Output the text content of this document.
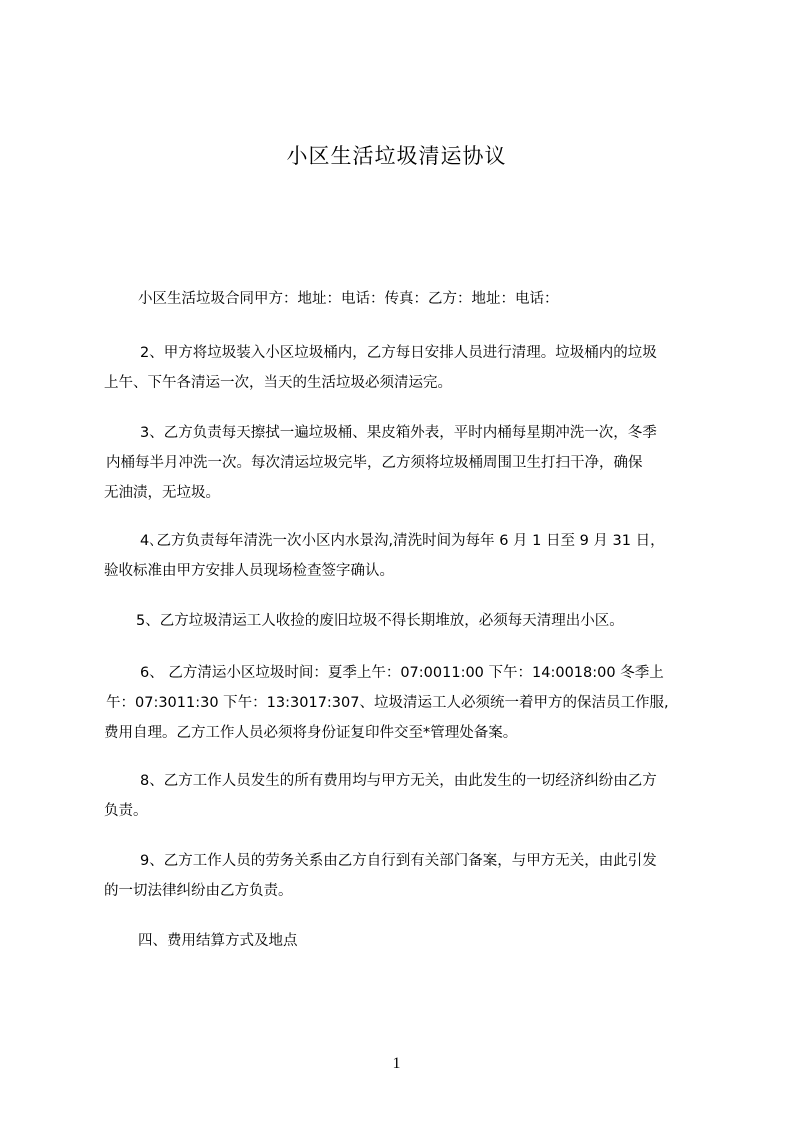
小区生活垃圾清运协议
小区生活垃圾合同甲方：地址：电话：传真：乙方：地址：电话：
2、甲方将垃圾装入小区垃圾桶内，乙方每日安排人员进行清理。垃圾桶内的垃圾
上午、下午各清运一次，当天的生活垃圾必须清运完。
3、乙方负责每天擦拭一遍垃圾桶、果皮箱外表，平时内桶每星期冲洗一次，冬季
内桶每半月冲洗一次。每次清运垃圾完毕，乙方须将垃圾桶周围卫生打扫干净，确保
无油渍，无垃圾。
4､乙方负责每年清洗一次小区内水景沟,清洗时间为每年 6 月 1 日至 9 月 31 日，
验收标准由甲方安排人员现场检查签字确认。
5、乙方垃圾清运工人收捡的废旧垃圾不得长期堆放，必须每天清理出小区。
6、 乙方清运小区垃圾时间：夏季上午：07:0011:00 下午：14:0018:00 冬季上
午：07:3011:30 下午：13:3017:307、垃圾清运工人必须统一着甲方的保洁员工作服,
费用自理。乙方工作人员必须将身份证复印件交至*管理处备案。
8、乙方工作人员发生的所有费用均与甲方无关，由此发生的一切经济纠纷由乙方
负责。
9、乙方工作人员的劳务关系由乙方自行到有关部门备案，与甲方无关，由此引发
的一切法律纠纷由乙方负责。
四、费用结算方式及地点
1
